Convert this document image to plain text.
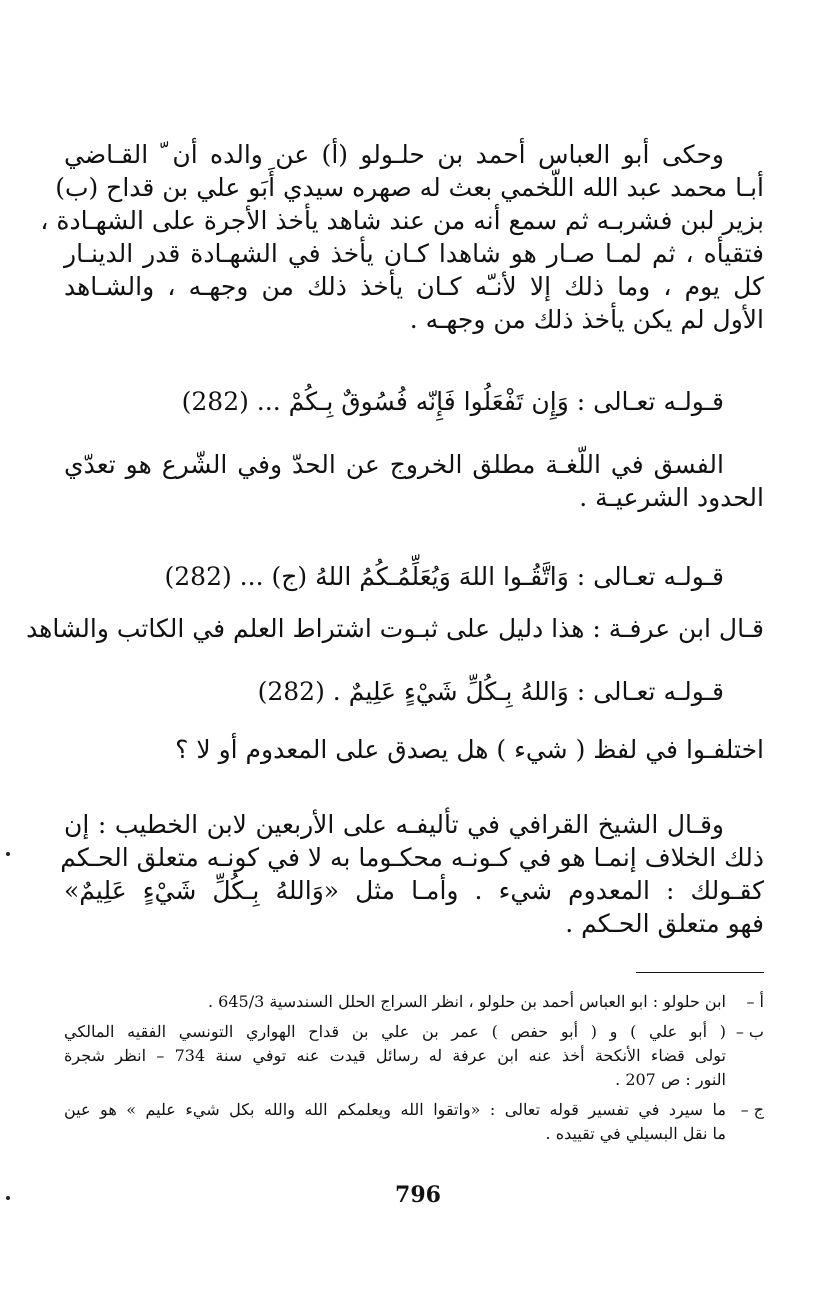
وحكى أبو العباس أحمد بن حلـولو (أ) عن والده أن ّ القـاضي
أبـا محمد عبد الله اللّخمي بعث له صهره سيدي أَبَو علي بن قداح (ب)
بزير لبن فشربـه ثم سمع أنه من عند شاهد يأخذ الأجرة على الشهـادة ،
فتقيأه ، ثم لمـا صـار هو شاهدا كـان يأخذ في الشهـادة قدر الدينـار
كل يوم ، وما ذلك إلا لأنـّه كـان يأخذ ذلك من وجهـه ، والشـاهد
الأول لم يكن يأخذ ذلك من وجهـه .

قـولـه تعـالى : وَإِن تَفْعَلُوا فَإِنّه فُسُوقٌ بِـكُمْ ... (282)

الفسق في اللّغـة مطلق الخروج عن الحدّ وفي الشّرع هو تعدّي
الحدود الشرعيـة .

قـولـه تعـالى : وَاتَّقُـوا اللهَ وَيُعَلِّمُـكُمُ اللهُ (ج) ... (282)

قـال ابن عرفـة : هذا دليل على ثبـوت اشتراط العلم في الكاتب والشاهد

قـولـه تعـالى : وَاللهُ بِـكُلِّ شَيْءٍ عَلِيمٌ . (282)

اختلفـوا في لفظ ( شيء ) هل يصدق على المعدوم أو لا ؟

وقـال الشيخ القرافي في تأليفـه على الأربعين لابن الخطيب : إن
ذلك الخلاف إنمـا هو في كـونـه محكـوما به لا في كونـه متعلق الحـكم
كقـولك : المعدوم شيء . وأمـا مثل «وَاللهُ بِـكُلِّ شَيْءٍ عَلِيمٌ»
فهو متعلق الحـكم .

أ –
ابن حلولو : ابو العباس أحمد بن حلولو ، انظر السراج الحلل السندسية 645/3 .
ب –
( أبو علي ) و ( أبو حفص ) عمر بن علي بن قداح الهواري التونسي الفقيه المالكي
تولى قضاء الأنكحة أخذ عنه ابن عرفة له رسائل قيدت عنه توفي سنة 734 – انظر شجرة
النور : ص 207 .
ج –
ما سيرد في تفسير قوله تعالى : «واتقوا الله ويعلمكم الله والله بكل شيء عليم » هو عين
ما نقل البسيلي في تقييده .
796
